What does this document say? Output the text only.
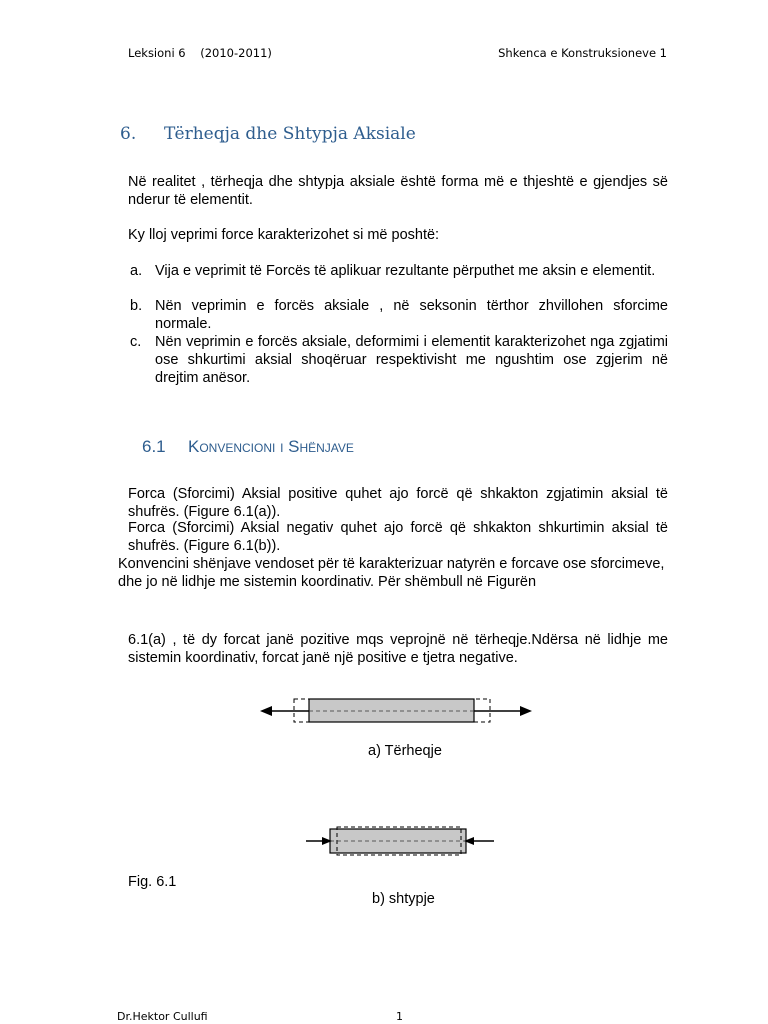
Leksioni 6    (2010-2011)	Shkenca e Konstruksioneve 1
6. Tërheqja dhe Shtypja Aksiale
Në realitet , tërheqja dhe shtypja aksiale është forma më e thjeshtë e gjendjes së nderur të elementit.
Ky lloj veprimi force karakterizohet si më poshtë:
a. Vija e veprimit të Forcës të aplikuar rezultante përputhet me aksin e elementit.
b. Nën veprimin e forcës aksiale , në seksonin tërthor zhvillohen sforcime normale.
c. Nën veprimin e forcës aksiale, deformimi i elementit karakterizohet nga zgjatimi ose shkurtimi aksial shoqëruar respektivisht me ngushtim ose zgjerim në drejtim anësor.
6.1 Konvencioni i Shënjave
Forca (Sforcimi) Aksial positive quhet ajo forcë që shkakton zgjatimin aksial të shufrës. (Figure 6.1(a)).
Forca (Sforcimi) Aksial negativ quhet ajo forcë që shkakton shkurtimin aksial të shufrës. (Figure 6.1(b)).
Konvencini shënjave vendoset për të karakterizuar natyrën e forcave ose sforcimeve, dhe jo në lidhje me sistemin koordinativ. Për shëmbull në Figurën
6.1(a) , të dy forcat janë pozitive mqs veprojnë në tërheqje.Ndërsa në lidhje me sistemin koordinativ, forcat janë një positive e tjetra negative.
a) Tërheqje
Fig. 6.1
b) shtypje
Dr.Hektor Cullufi	1
